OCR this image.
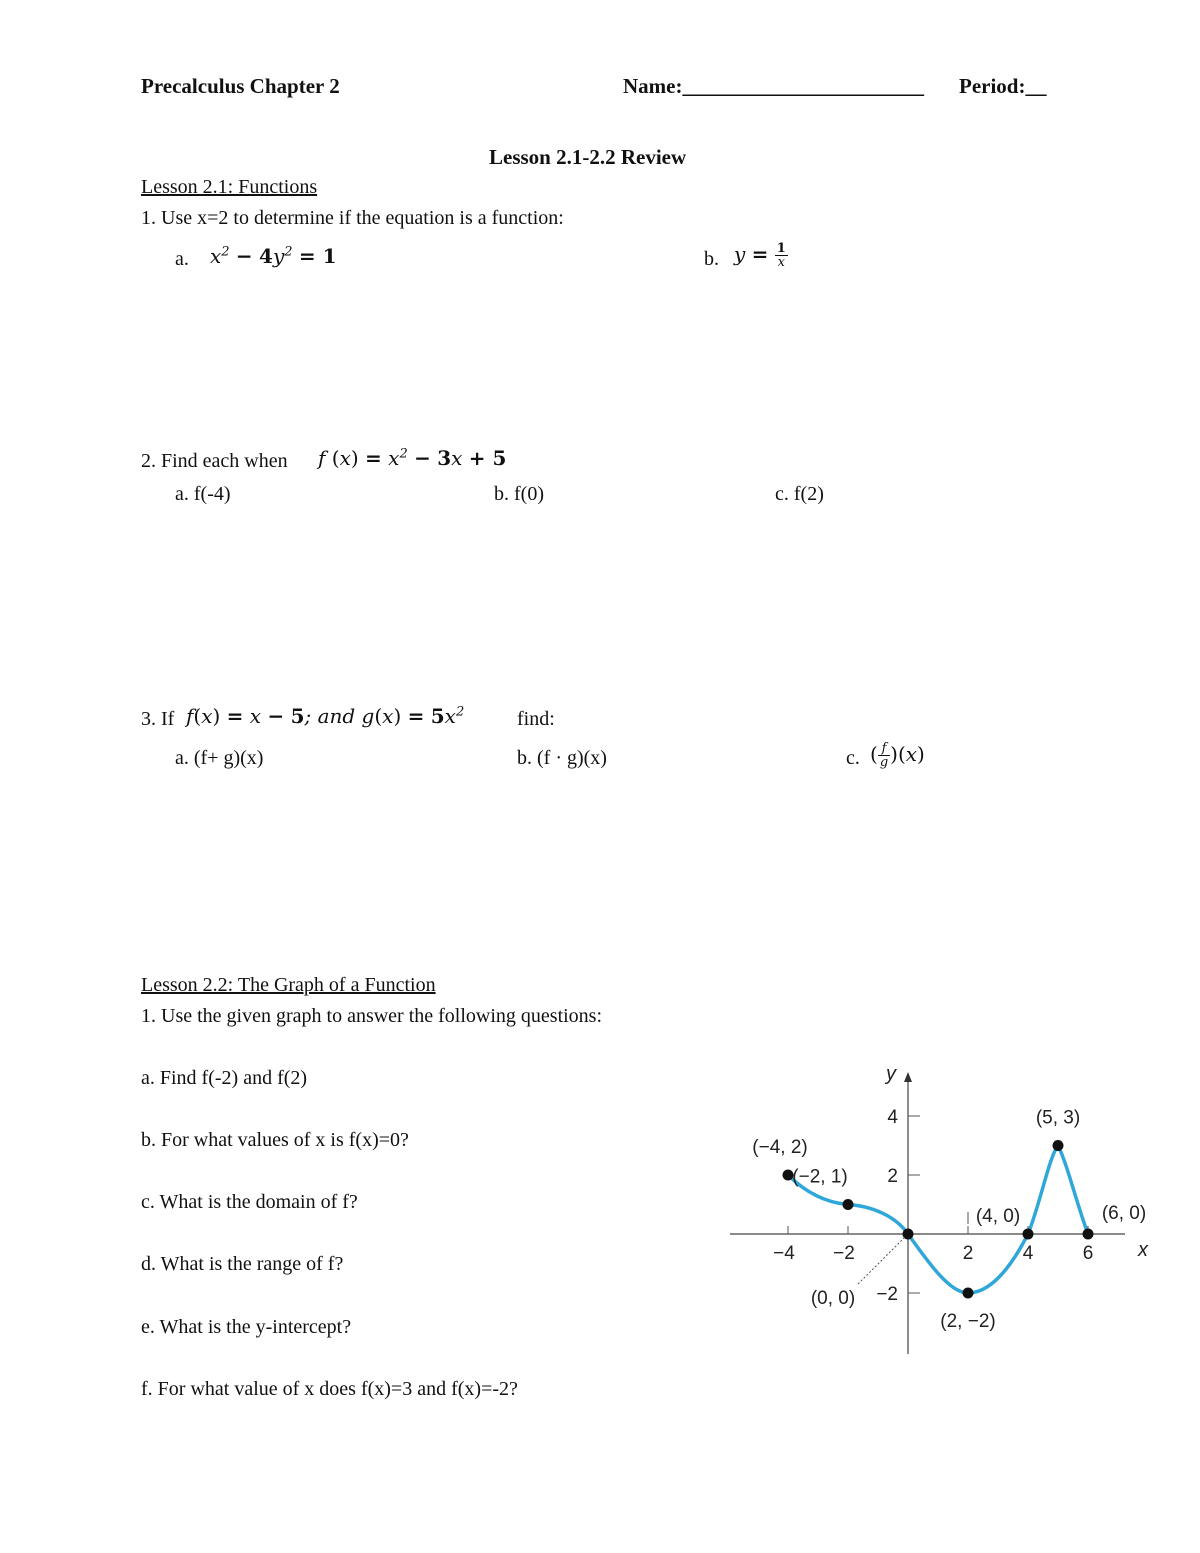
Precalculus Chapter 2	Name:_______________________ Period:__
Lesson 2.1-2.2 Review
Lesson 2.1: Functions
1. Use x=2 to determine if the equation is a function:
a. $x^2 - 4y^2 = 1$	b. $y = \frac{1}{x}$
2. Find each when f $(x) = x^2 - 3x + 5$
a. f(-4)	b. f(0)	c. f(2)
3. If f(x) = x − 5; and $g(x) = 5x^2$	find:
a. (f+ g)(x)	b. (f · g)(x)	c. ( $\frac{f}{g} )(x)$
Lesson 2.2: The Graph of a Function
1. Use the given graph to answer the following questions:
a. Find f(-2) and f(2)
b. For what values of x is f(x)=0?
c. What is the domain of f?
d. What is the range of f?
e. What is the y-intercept?
f. For what value of x does f(x)=3 and f(x)=-2?
x
y
−4 −2	2	4	6
4
2
−2
(−4, 2)
(−2, 1)
(0, 0)
(2, −2)
(4, 0)
(5, 3)
(6, 0)
